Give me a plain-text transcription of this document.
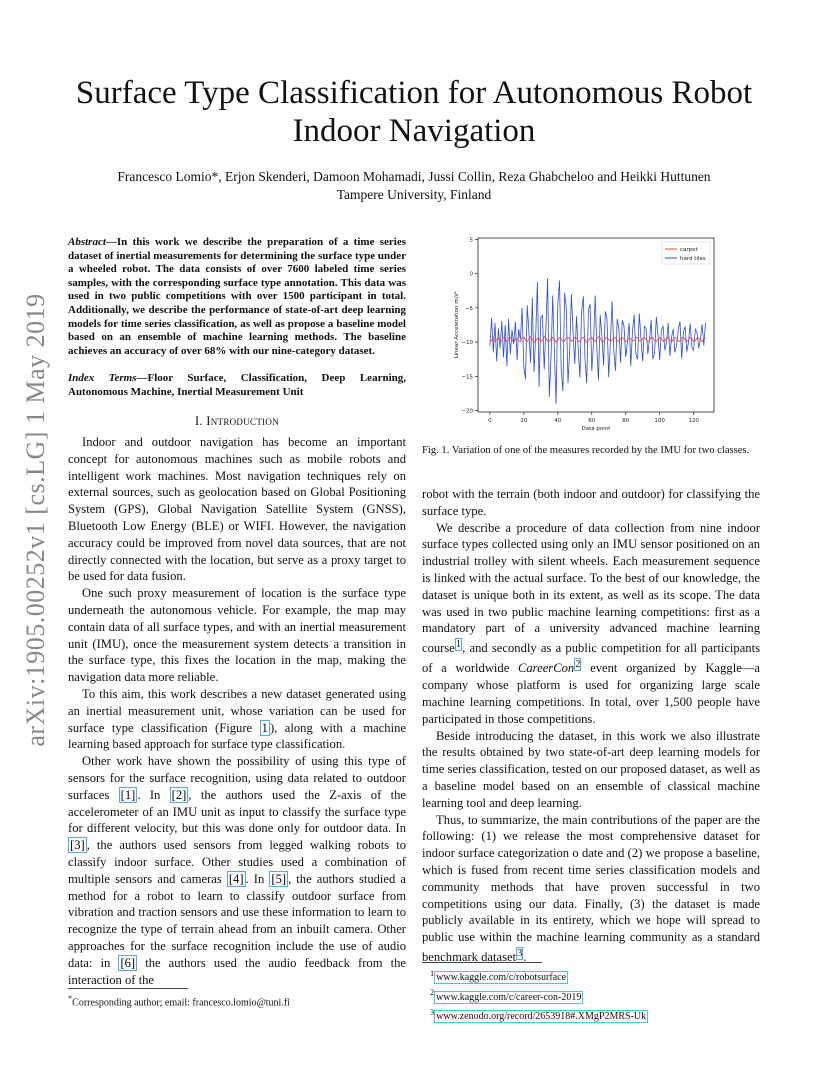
Surface Type Classification for Autonomous Robot
Indoor Navigation
Francesco Lomio*, Erjon Skenderi, Damoon Mohamadi, Jussi Collin, Reza Ghabcheloo and Heikki Huttunen
Tampere University, Finland
arXiv:1905.00252v1 [cs.LG] 1 May 2019
Abstract—In this work we describe the preparation of a time series dataset of inertial measurements for determining the surface type under a wheeled robot. The data consists of over 7600 labeled time series samples, with the corresponding surface type annotation. This data was used in two public competitions with over 1500 participant in total. Additionally, we describe the performance of state-of-art deep learning models for time series classification, as well as propose a baseline model based on an ensemble of machine learning methods. The baseline achieves an accuracy of over 68% with our nine-category dataset.
Index Terms—Floor Surface, Classification, Deep Learning, Autonomous Machine, Inertial Measurement Unit
I. Introduction

Indoor and outdoor navigation has become an important concept for autonomous machines such as mobile robots and intelligent work machines. Most navigation techniques rely on external sources, such as geolocation based on Global Positioning System (GPS), Global Navigation Satellite System (GNSS), Bluetooth Low Energy (BLE) or WIFI. However, the navigation accuracy could be improved from novel data sources, that are not directly connected with the location, but serve as a proxy target to be used for data fusion.

One such proxy measurement of location is the surface type underneath the autonomous vehicle. For example, the map may contain data of all surface types, and with an inertial measurement unit (IMU), once the measurement system detects a transition in the surface type, this fixes the location in the map, making the navigation data more reliable.

To this aim, this work describes a new dataset generated using an inertial measurement unit, whose variation can be used for surface type classification (Figure 1 ), along with a machine learning based approach for surface type classification.

Other work have shown the possibility of using this type of sensors for the surface recognition, using data related to outdoor surfaces [1] . In [2] , the authors used the Z-axis of the accelerometer of an IMU unit as input to classify the surface type for different velocity, but this was done only for outdoor data. In [3] , the authors used sensors from legged walking robots to classify indoor surface. Other studies used a combination of multiple sensors and cameras [4] . In [5] , the authors studied a method for a robot to learn to classify outdoor surface from vibration and traction sensors and use these information to learn to recognize the type of terrain ahead from an inbuilt camera. Other approaches for the surface recognition include the use of audio data: in [6] the authors used the audio feedback from the interaction of the

*Corresponding author; email: francesco.lomio@tuni.fi
0	20	40	60	80	100	120
5
0
−5
−10
−15
−20
Data point
Linear Acceleration m/s²
carpet
hard tiles
Fig. 1. Variation of one of the measures recorded by the IMU for two classes.

robot with the terrain (both indoor and outdoor) for classifying the surface type.

We describe a procedure of data collection from nine indoor surface types collected using only an IMU sensor positioned on an industrial trolley with silent wheels. Each measurement sequence is linked with the actual surface. To the best of our knowledge, the dataset is unique both in its extent, as well as its scope. The data was used in two public machine learning competitions: first as a mandatory part of a university advanced machine learning course$^1$, and secondly as a public competition for all participants of a worldwide CareerCon$^2$ event organized by Kaggle—a company whose platform is used for organizing large scale machine learning competitions. In total, over 1,500 people have participated in those competitions.

Beside introducing the dataset, in this work we also illustrate the results obtained by two state-of-art deep learning models for time series classification, tested on our proposed dataset, as well as a baseline model based on an ensemble of classical machine learning tool and deep learning.

Thus, to summarize, the main contributions of the paper are the following: (1) we release the most comprehensive dataset for indoor surface categorization o date and (2) we propose a baseline, which is fused from recent time series classification models and community methods that have proven successful in two competitions using our data. Finally, (3) the dataset is made publicly available in its entirety, which we hope will spread to public use within the machine learning community as a standard benchmark dataset$^3$.

$^1$ www.kaggle.com/c/robotsurface
$^2$ www.kaggle.com/c/career-con-2019
$^3$ www.zenodo.org/record/2653918#.XMgP2MRS-Uk
